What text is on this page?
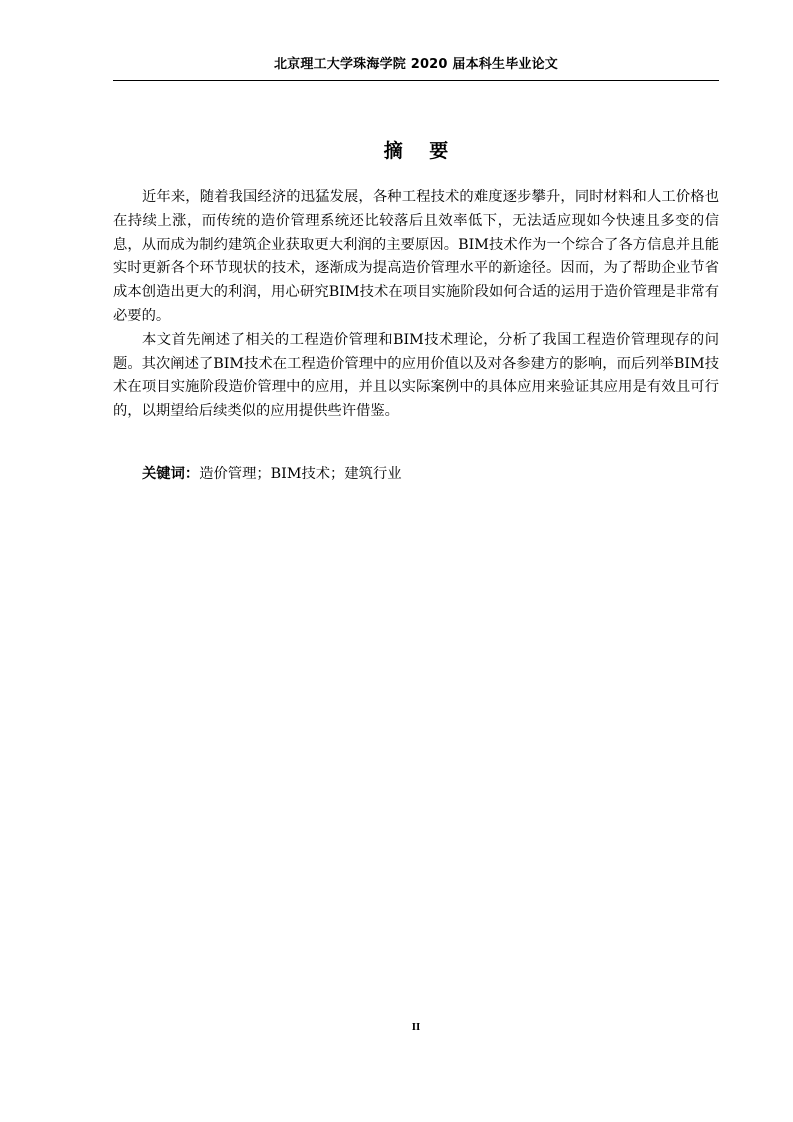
北京理工大学珠海学院 2020 届本科生毕业论文
摘 要

近年来，随着我国经济的迅猛发展，各种工程技术的难度逐步攀升，同时材料和人工价格也在持续上涨，而传统的造价管理系统还比较落后且效率低下，无法适应现如今快速且多变的信息，从而成为制约建筑企业获取更大利润的主要原因。BIM技术作为一个综合了各方信息并且能实时更新各个环节现状的技术，逐渐成为提高造价管理水平的新途径。因而，为了帮助企业节省成本创造出更大的利润，用心研究BIM技术在项目实施阶段如何合适的运用于造价管理是非常有必要的。

本文首先阐述了相关的工程造价管理和BIM技术理论，分析了我国工程造价管理现存的问题。其次阐述了BIM技术在工程造价管理中的应用价值以及对各参建方的影响，而后列举BIM技术在项目实施阶段造价管理中的应用，并且以实际案例中的具体应用来验证其应用是有效且可行的，以期望给后续类似的应用提供些许借鉴。

关键词：造价管理；BIM技术；建筑行业
II
